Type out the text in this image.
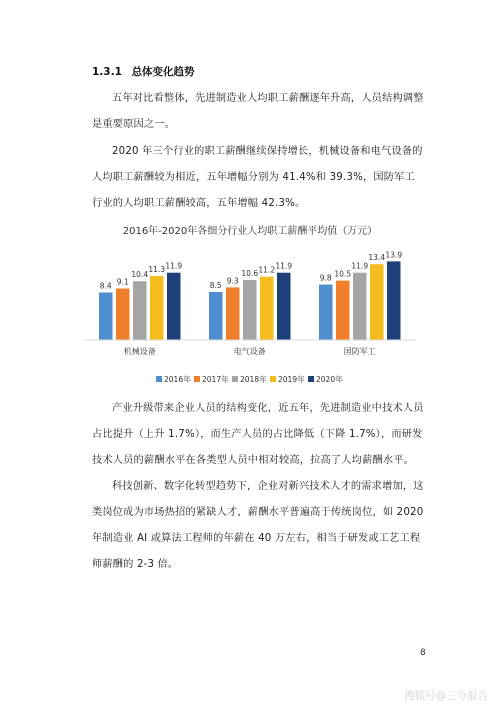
1.3.1 总体变化趋势
五年对比看整体，先进制造业人均职工薪酬逐年升高，人员结构调整是重要原因之一。
2020 年三个行业的职工薪酬继续保持增长，机械设备和电气设备的人均职工薪酬较为相近，五年增幅分别为 41.4%和 39.3%，国防军工行业的人均职工薪酬较高，五年增幅 42.3%。
2016年-2020年各细分行业人均职工薪酬平均值（万元）
8.4 9.1
10.4
11.3 11.9
机械设备
8.5
9.3
10.6 11.2 11.9
电气设备
9.8 10.5
11.9
13.4 13.9
国防军工
2016年 2017年 2018年 2019年 2020年
产业升级带来企业人员的结构变化，近五年，先进制造业中技术人员占比提升（上升 1.7%），而生产人员的占比降低（下降 1.7%），而研发技术人员的薪酬水平在各类型人员中相对较高，拉高了人均薪酬水平。
科技创新、数字化转型趋势下，企业对新兴技术人才的需求增加，这类岗位成为市场热招的紧缺人才，薪酬水平普遍高于传统岗位，如 2020 年制造业 AI 或算法工程师的年薪在 40 万左右，相当于研发或工艺工程师薪酬的 2-3 倍。
8
搜狐号@三分报告
